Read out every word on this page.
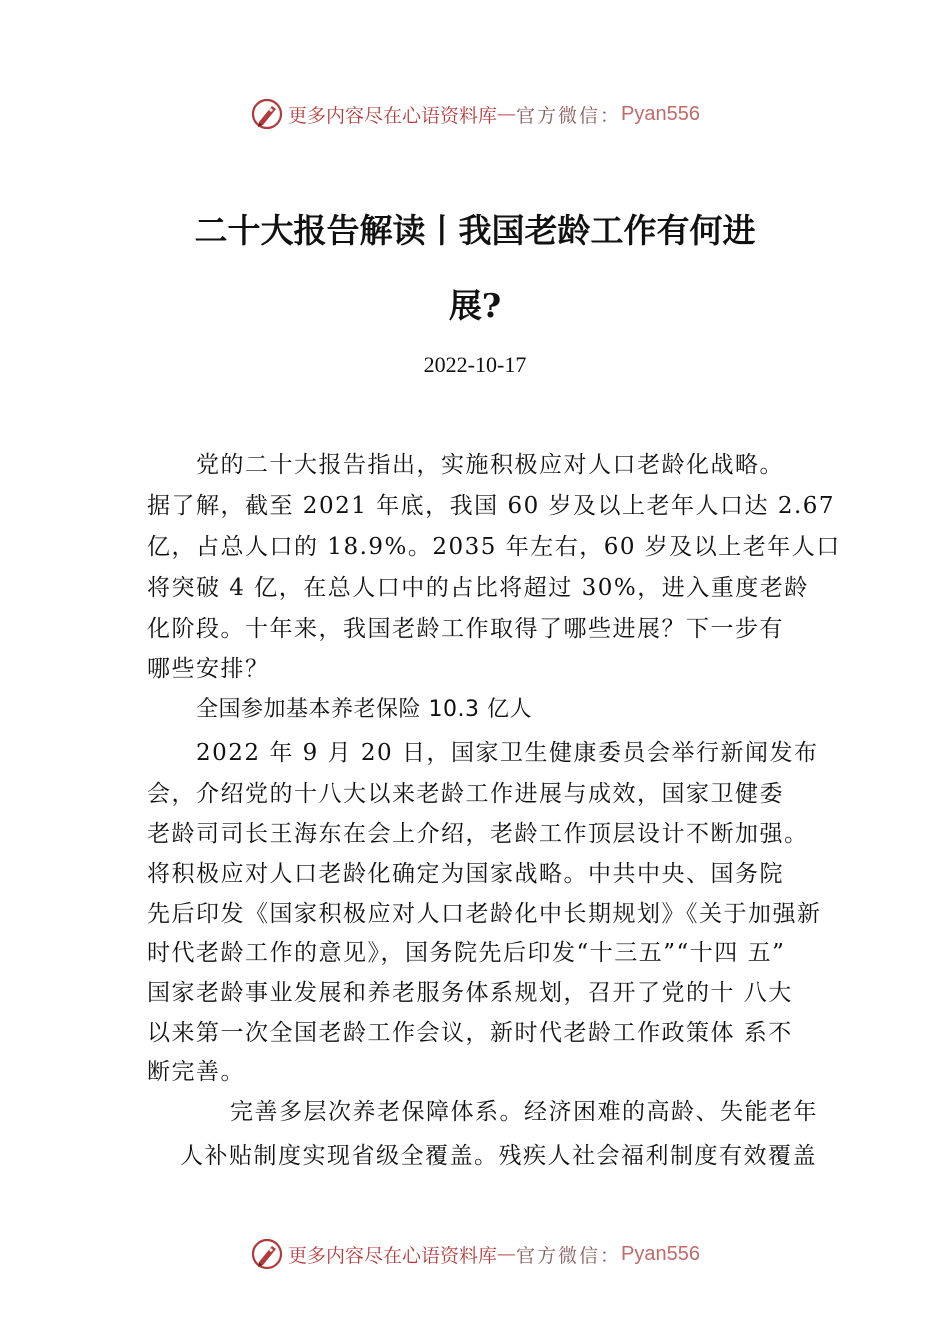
更多内容尽在心语资料库 — 官方微信： Pyan556
二十大报告解读丨我国老龄工作有何进
展?
2022-10-17
党的二十大报告指出，实施积极应对人口老龄化战略。
据了解，截至 2021 年底，我国 60 岁及以上老年人口达 2.67
亿，占总人口的 18.9%。2035 年左右，60 岁及以上老年人口
将突破 4 亿，在总人口中的占比将超过 30%，进入重度老龄
化阶段。十年来，我国老龄工作取得了哪些进展？下一步有
哪些安排？
全国参加基本养老保险 10.3 亿人
2022 年 9 月 20 日，国家卫生健康委员会举行新闻发布
会，介绍党的十八大以来老龄工作进展与成效，国家卫健委
老龄司司长王海东在会上介绍，老龄工作顶层设计不断加强。
将积极应对人口老龄化确定为国家战略。中共中央、国务院
先后印发《国家积极应对人口老龄化中长期规划》《关于加强新
时代老龄工作的意见》，国务院先后印发“十三五”“十四 五”
国家老龄事业发展和养老服务体系规划，召开了党的十 八大
以来第一次全国老龄工作会议，新时代老龄工作政策体 系不
断完善。
完善多层次养老保障体系。经济困难的高龄、失能老年
人补贴制度实现省级全覆盖。残疾人社会福利制度有效覆盖
更多内容尽在心语资料库 — 官方微信： Pyan556
